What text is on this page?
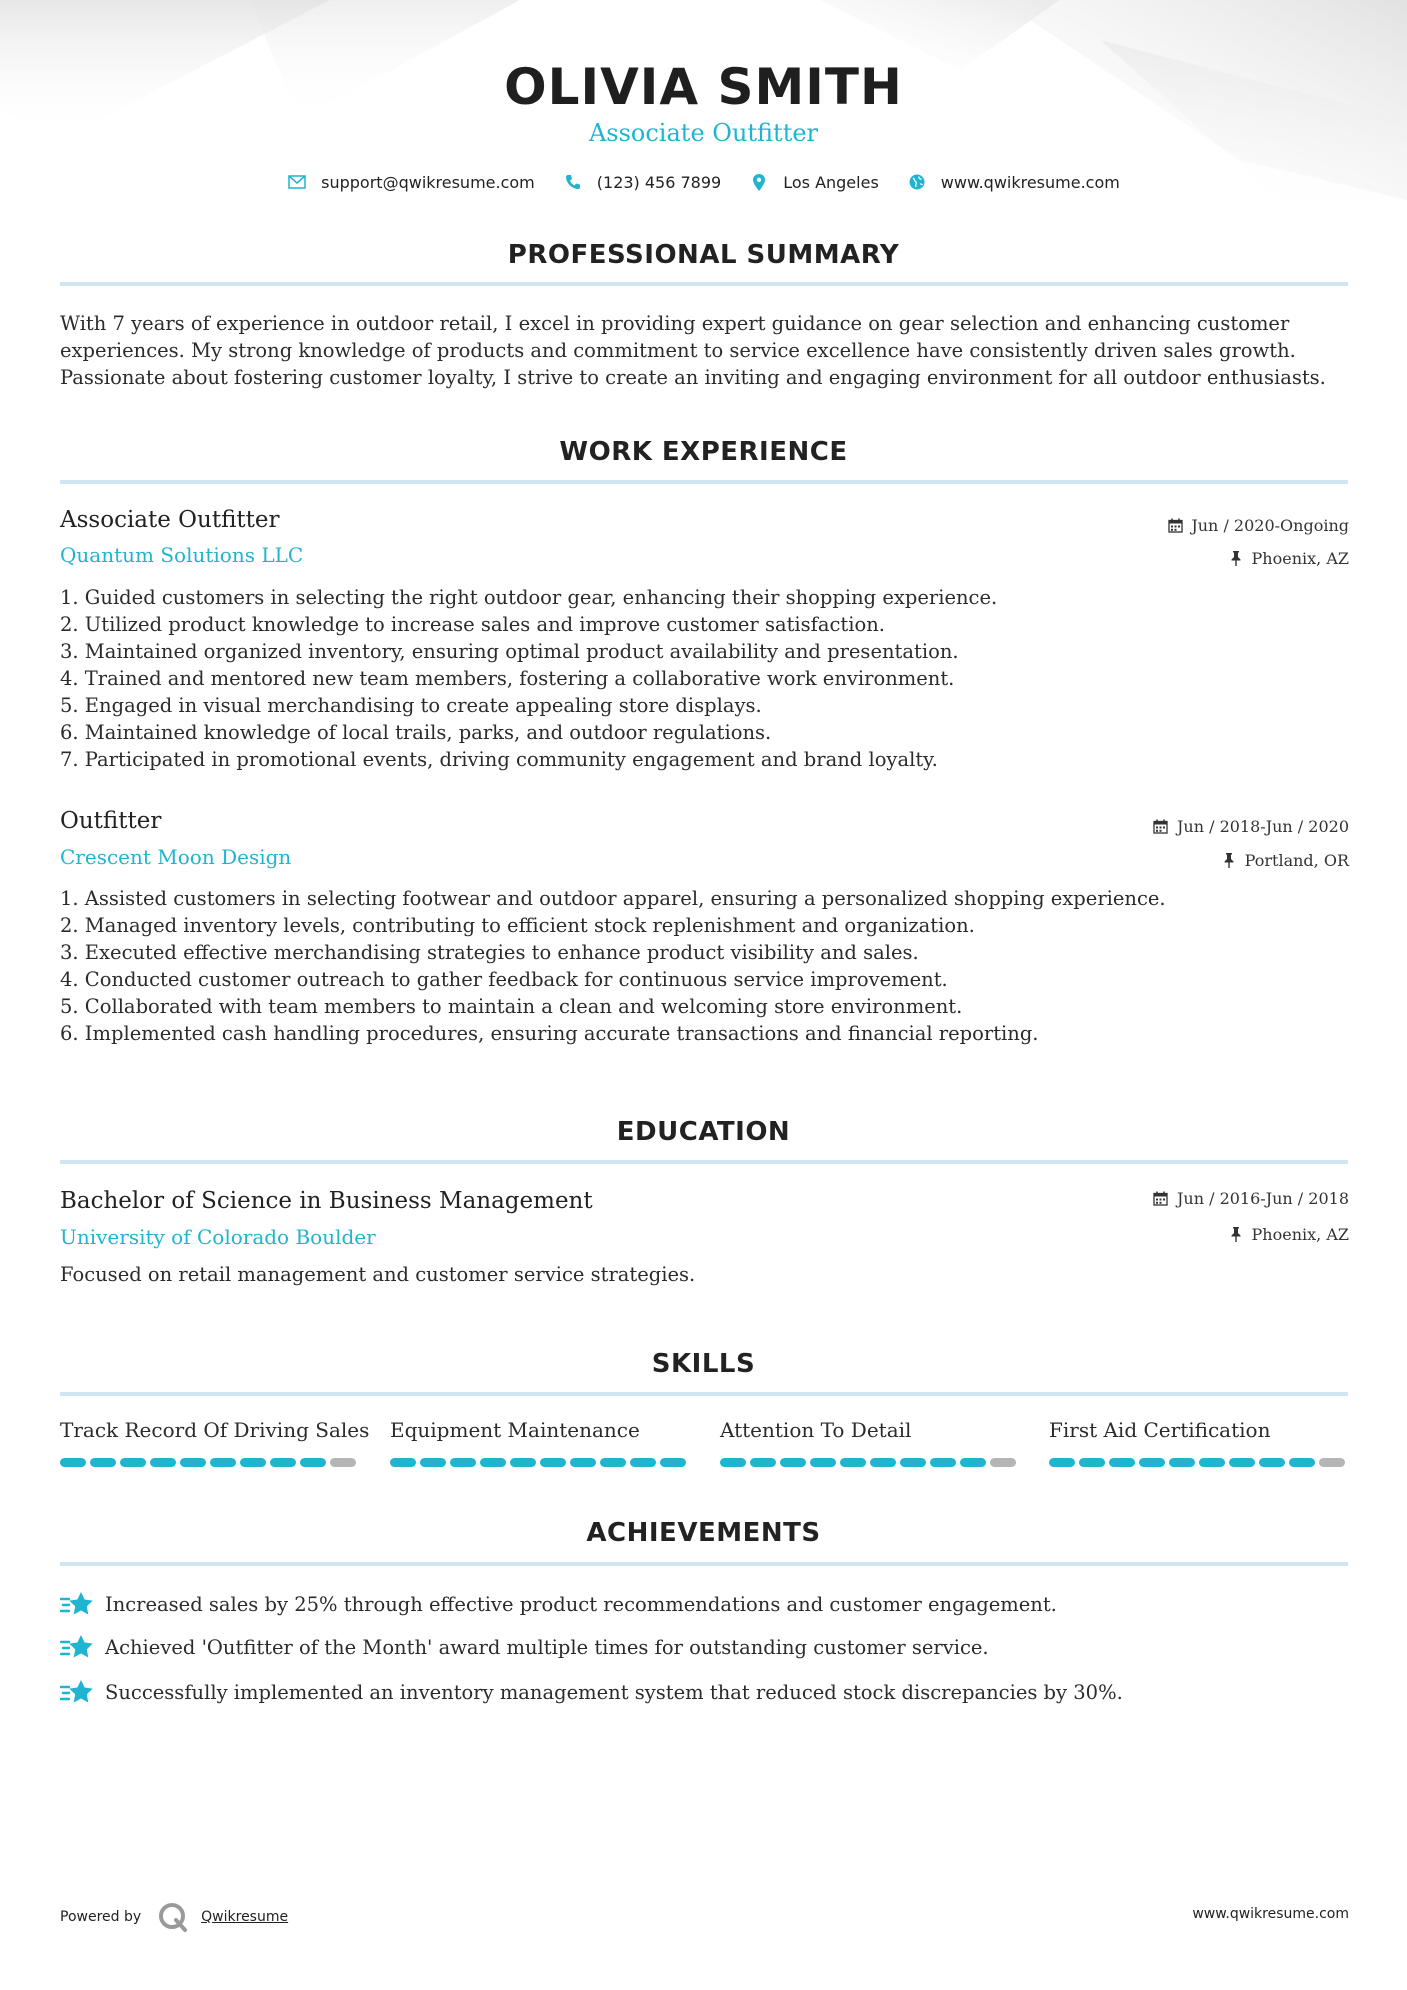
OLIVIA SMITH
Associate Outfitter
support@qwikresume.com	(123) 456 7899	Los Angeles	www.qwikresume.com
PROFESSIONAL SUMMARY
With 7 years of experience in outdoor retail, I excel in providing expert guidance on gear selection and enhancing customer
experiences. My strong knowledge of products and commitment to service excellence have consistently driven sales growth.
Passionate about fostering customer loyalty, I strive to create an inviting and engaging environment for all outdoor enthusiasts.
WORK EXPERIENCE
Associate Outfitter
Quantum Solutions LLC
Jun / 2020-Ongoing
Phoenix, AZ
1. Guided customers in selecting the right outdoor gear, enhancing their shopping experience.
2. Utilized product knowledge to increase sales and improve customer satisfaction.
3. Maintained organized inventory, ensuring optimal product availability and presentation.
4. Trained and mentored new team members, fostering a collaborative work environment.
5. Engaged in visual merchandising to create appealing store displays.
6. Maintained knowledge of local trails, parks, and outdoor regulations.
7. Participated in promotional events, driving community engagement and brand loyalty.
Outfitter
Crescent Moon Design
Jun / 2018-Jun / 2020
Portland, OR
1. Assisted customers in selecting footwear and outdoor apparel, ensuring a personalized shopping experience.
2. Managed inventory levels, contributing to efficient stock replenishment and organization.
3. Executed effective merchandising strategies to enhance product visibility and sales.
4. Conducted customer outreach to gather feedback for continuous service improvement.
5. Collaborated with team members to maintain a clean and welcoming store environment.
6. Implemented cash handling procedures, ensuring accurate transactions and financial reporting.
EDUCATION
Bachelor of Science in Business Management
University of Colorado Boulder
Jun / 2016-Jun / 2018
Phoenix, AZ
Focused on retail management and customer service strategies.
SKILLS
Track Record Of Driving Sales Equipment Maintenance	Attention To Detail	First Aid Certification
ACHIEVEMENTS
Increased sales by 25% through effective product recommendations and customer engagement.
Achieved 'Outfitter of the Month' award multiple times for outstanding customer service.
Successfully implemented an inventory management system that reduced stock discrepancies by 30%.
Powered by	Qwikresume	www.qwikresume.com
